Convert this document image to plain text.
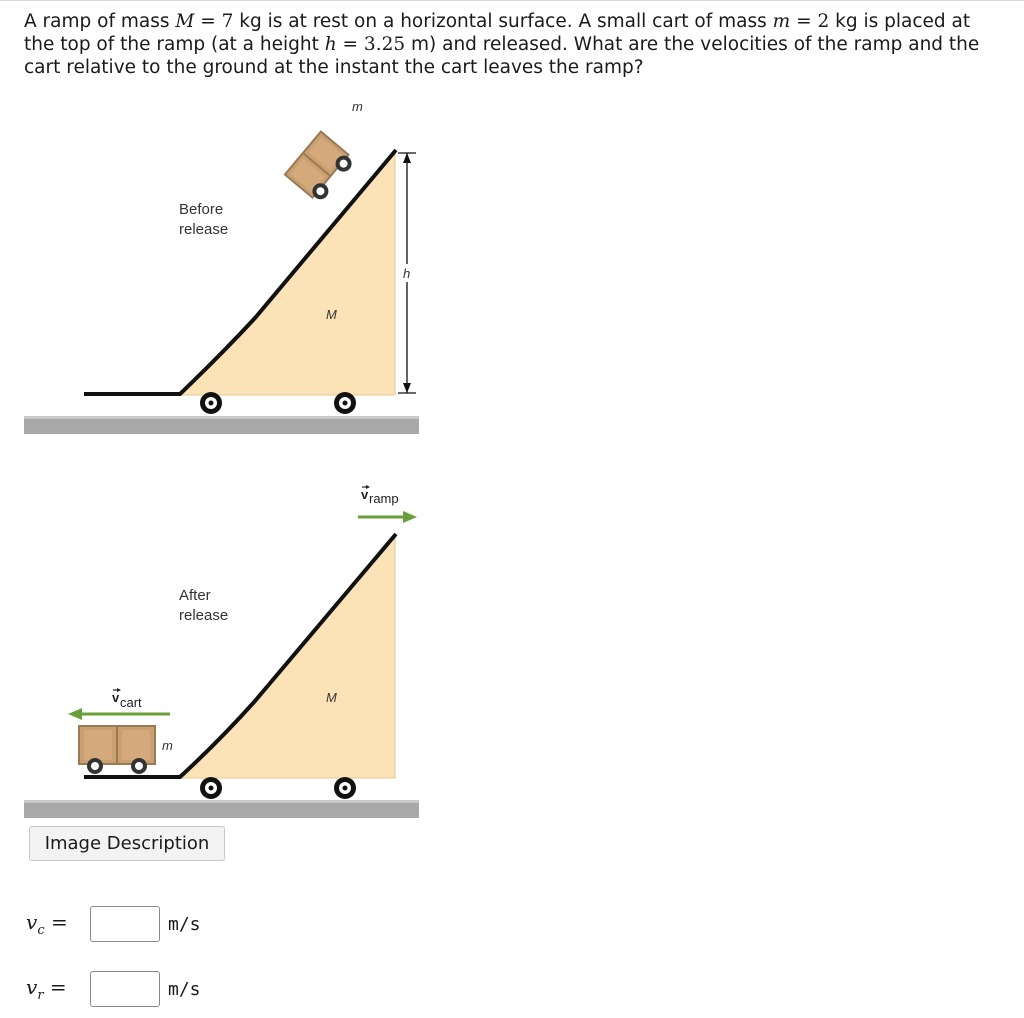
A ramp of mass M = 7 kg is at rest on a horizontal surface. A small cart of mass m = 2 kg is placed at the top of the ramp (at a height h = 3.25 m) and released. What are the velocities of the ramp and the cart relative to the ground at the instant the cart leaves the ramp?
h
m
M
Before
release
m
M
After
release
v ramp
v cart
Image Description
$v_c$ =	m/s
$v_r$ =	m/s
